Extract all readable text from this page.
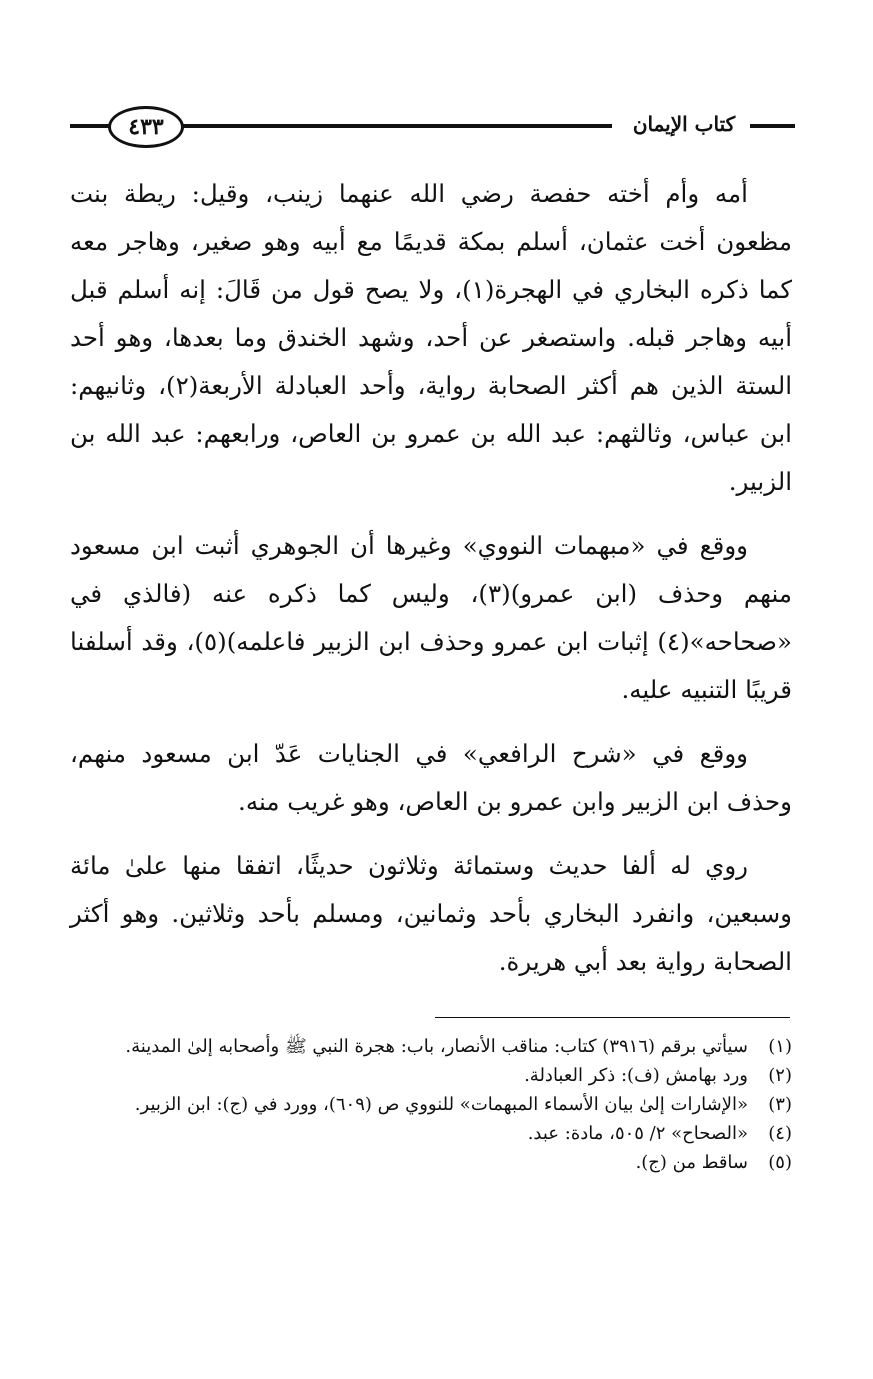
٤٣٣	كتاب الإيمان

أمه وأم أخته حفصة رضي الله عنهما زينب، وقيل: ريطة بنت مظعون أخت عثمان، أسلم بمكة قديمًا مع أبيه وهو صغير، وهاجر معه كما ذكره البخاري في الهجرة(١)، ولا يصح قول من قَالَ: إنه أسلم قبل أبيه وهاجر قبله. واستصغر عن أحد، وشهد الخندق وما بعدها، وهو أحد الستة الذين هم أكثر الصحابة رواية، وأحد العبادلة الأربعة(٢)، وثانيهم: ابن عباس، وثالثهم: عبد الله بن عمرو بن العاص، ورابعهم: عبد الله بن الزبير.

ووقع في «مبهمات النووي» وغيرها أن الجوهري أثبت ابن مسعود منهم وحذف (ابن عمرو)(٣)، وليس كما ذكره عنه (فالذي في «صحاحه»(٤) إثبات ابن عمرو وحذف ابن الزبير فاعلمه)(٥)، وقد أسلفنا قريبًا التنبيه عليه.

ووقع في «شرح الرافعي» في الجنايات عَدّ ابن مسعود منهم، وحذف ابن الزبير وابن عمرو بن العاص، وهو غريب منه.

روي له ألفا حديث وستمائة وثلاثون حديثًا، اتفقا منها علىٰ مائة وسبعين، وانفرد البخاري بأحد وثمانين، ومسلم بأحد وثلاثين. وهو أكثر الصحابة رواية بعد أبي هريرة.

(١)
سيأتي برقم (٣٩١٦) كتاب: مناقب الأنصار، باب: هجرة النبي ﷺ وأصحابه إلىٰ المدينة.
(٢)
ورد بهامش (ف): ذكر العبادلة.
(٣)
«الإشارات إلىٰ بيان الأسماء المبهمات» للنووي ص (٦٠٩)، وورد في (ج): ابن الزبير.
(٤)
«الصحاح» ٢/ ٥٠٥، مادة: عبد.
(٥)
ساقط من (ج).
